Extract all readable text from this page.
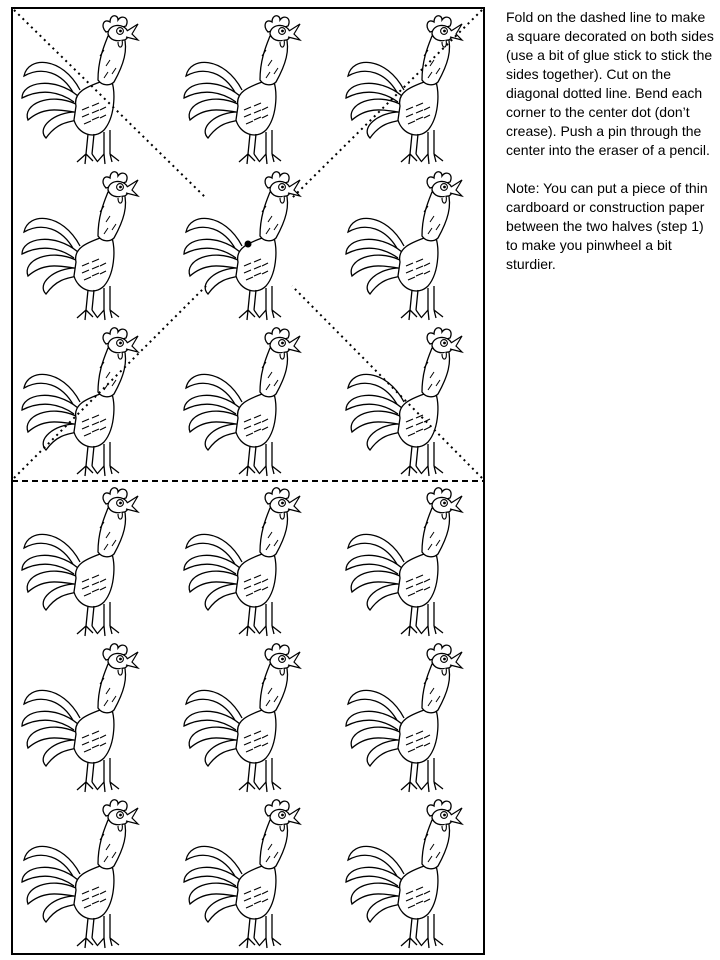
Fold on the dashed line to make a square decorated on both sides (use a bit of glue stick to stick the sides together). Cut on the diagonal dotted line. Bend each corner to the center dot (don’t crease). Push a pin through the center into the eraser of a pencil.

Note: You can put a piece of thin cardboard or construction paper between the two halves (step 1) to make you pinwheel a bit sturdier.
